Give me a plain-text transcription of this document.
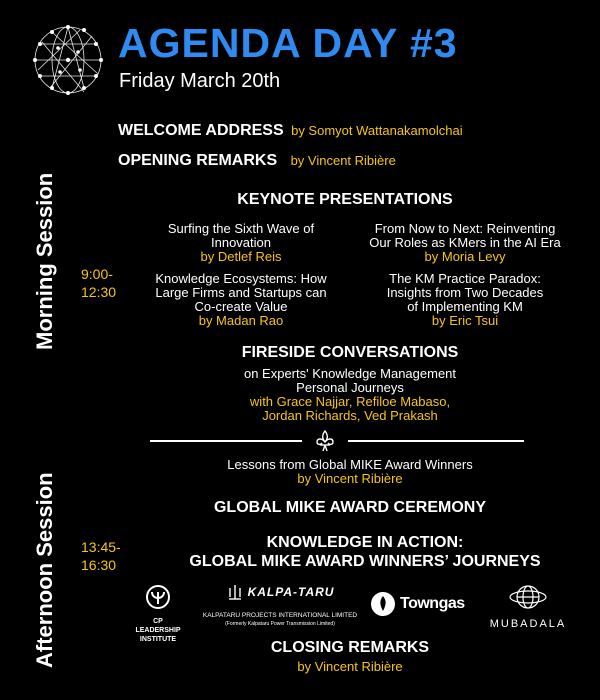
AGENDA DAY #3
Friday March 20th
Morning Session
Afternoon Session
9:00-
12:30
13:45-
16:30
WELCOME ADDRESS by Somyot Wattanakamolchai
OPENING REMARKS by Vincent Ribière
KEYNOTE PRESENTATIONS
Surfing the Sixth Wave of
Innovation
by Detlef Reis
From Now to Next: Reinventing
Our Roles as KMers in the AI Era
by Moria Levy
Knowledge Ecosystems: How
Large Firms and Startups can
Co-create Value
by Madan Rao
The KM Practice Paradox:
Insights from Two Decades
of Implementing KM
by Eric Tsui
FIRESIDE CONVERSATIONS
on Experts' Knowledge Management
Personal Journeys
with Grace Najjar, Refiloe Mabaso,
Jordan Richards, Ved Prakash
Lessons from Global MIKE Award Winners
by Vincent Ribière
GLOBAL MIKE AWARD CEREMONY
KNOWLEDGE IN ACTION:
GLOBAL MIKE AWARD WINNERS’ JOURNEYS
CP LEADERSHIP
INSTITUTE
KALPA-TARU
KALPATARU PROJECTS INTERNATIONAL LIMITED
(Formerly Kalpataru Power Transmission Limited)
Towngas
MUBADALA
CLOSING REMARKS
by Vincent Ribière
